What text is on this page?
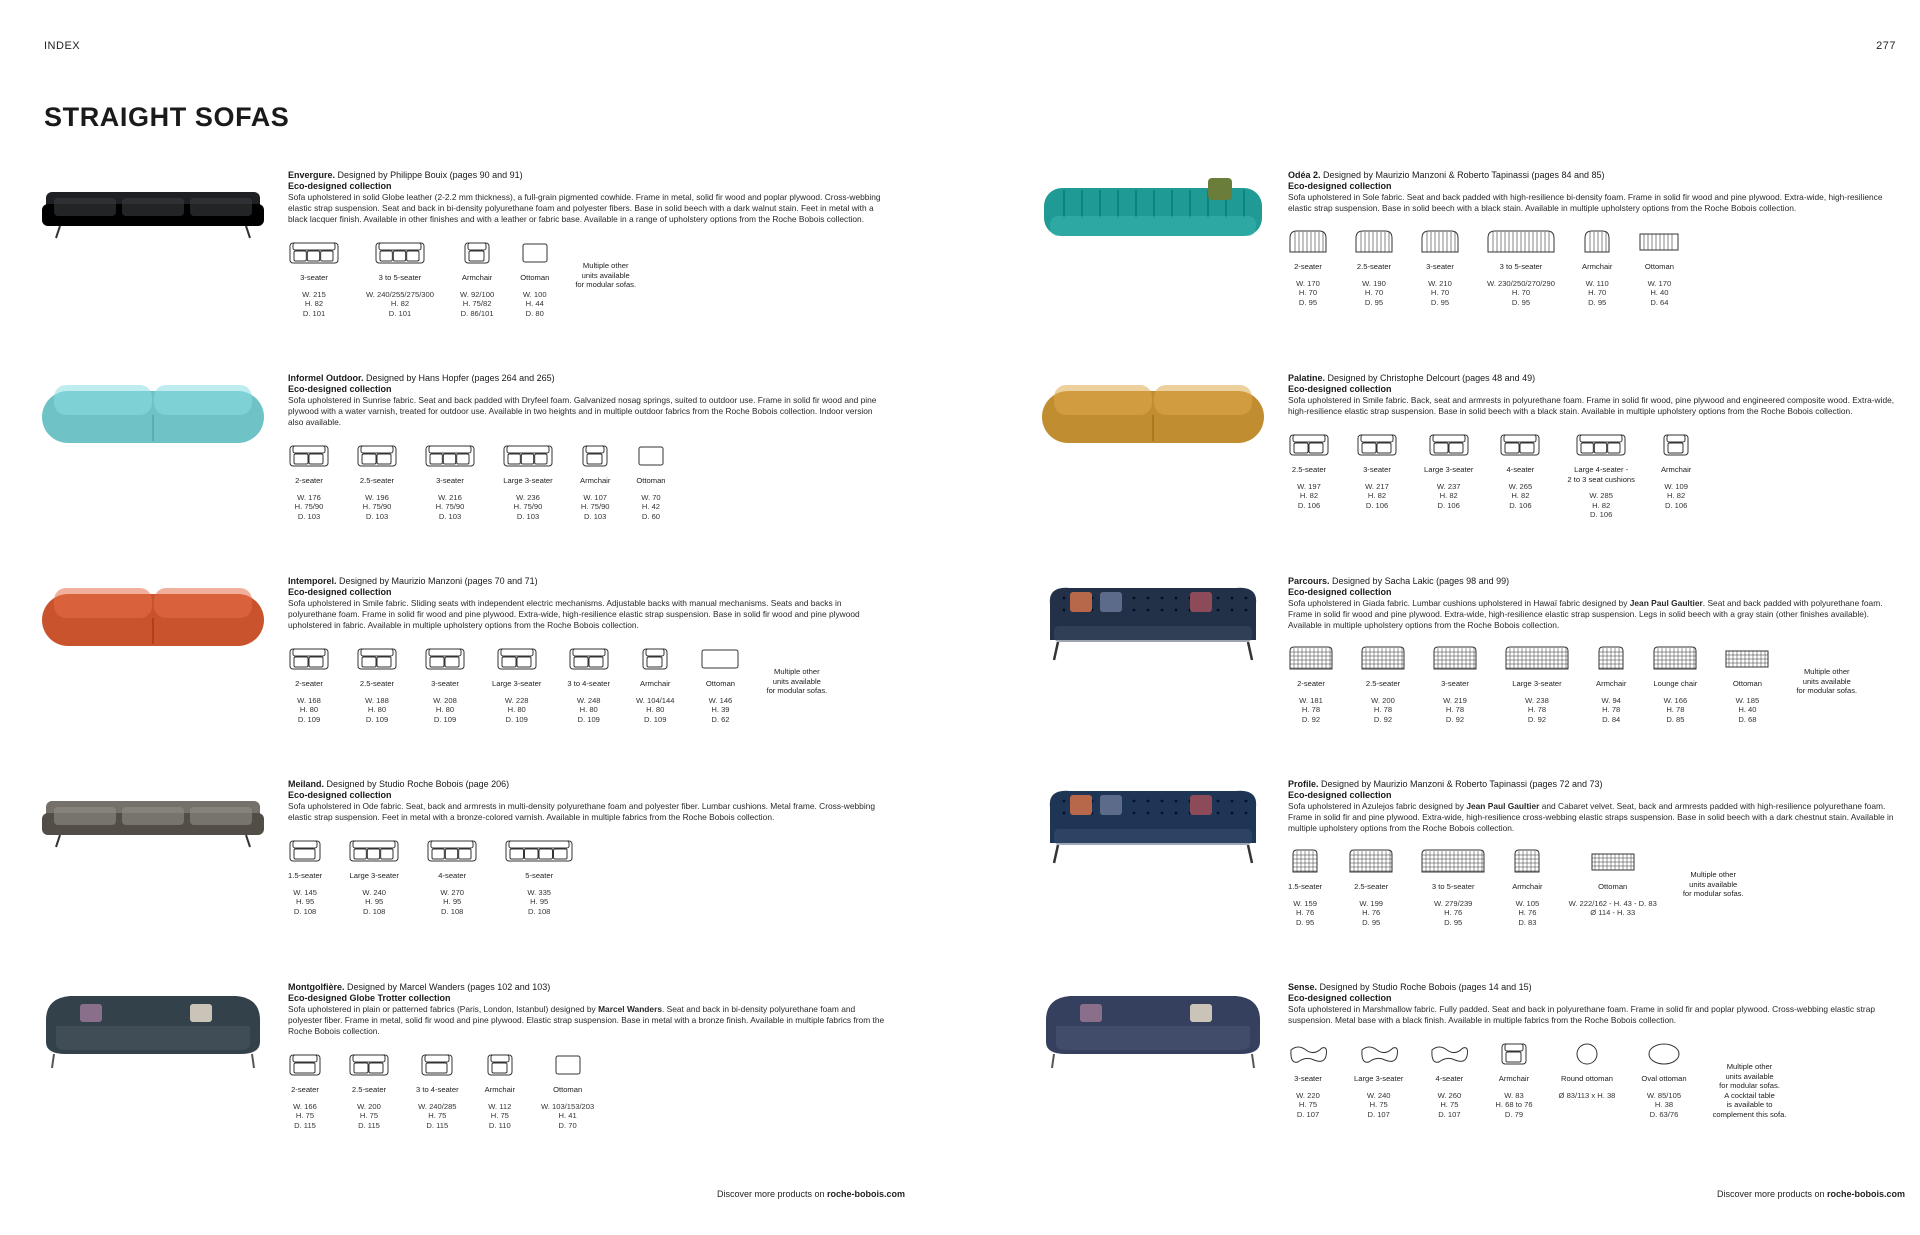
INDEX	277
STRAIGHT SOFAS
Envergure. Designed by Philippe Bouix (pages 90 and 91)
Eco-designed collection
Sofa upholstered in solid Globe leather (2-2.2 mm thickness), a full-grain pigmented cowhide. Frame in metal, solid fir wood and poplar plywood. Cross-webbing elastic strap suspension. Seat and back in bi-density polyurethane foam and polyester fibers. Base in solid beech with a dark walnut stain. Feet in metal with a black lacquer finish. Available in other finishes and with a leather or fabric base. Available in a range of upholstery options from the Roche Bobois collection.
3-seater
W. 215
H. 82
D. 101
3 to 5-seater
W. 240/255/275/300
H. 82
D. 101
Armchair
W. 92/100
H. 75/82
D. 86/101
Ottoman
W. 100
H. 44
D. 80
Multiple other
units available
for modular sofas.
Informel Outdoor. Designed by Hans Hopfer (pages 264 and 265)
Eco-designed collection
Sofa upholstered in Sunrise fabric. Seat and back padded with Dryfeel foam. Galvanized nosag springs, suited to outdoor use. Frame in solid fir wood and pine plywood with a water varnish, treated for outdoor use. Available in two heights and in multiple outdoor fabrics from the Roche Bobois collection. Indoor version also available.
2-seater
W. 176
H. 75/90
D. 103
2.5-seater
W. 196
H. 75/90
D. 103
3-seater
W. 216
H. 75/90
D. 103
Large 3-seater
W. 236
H. 75/90
D. 103
Armchair
W. 107
H. 75/90
D. 103
Ottoman
W. 70
H. 42
D. 60
Intemporel. Designed by Maurizio Manzoni (pages 70 and 71)
Eco-designed collection
Sofa upholstered in Smile fabric. Sliding seats with independent electric mechanisms. Adjustable backs with manual mechanisms. Seats and backs in polyurethane foam. Frame in solid fir wood and pine plywood. Extra-wide, high-resilience elastic strap suspension. Base in solid fir wood and pine plywood upholstered in fabric. Available in multiple upholstery options from the Roche Bobois collection.
2-seater
W. 168
H. 80
D. 109
2.5-seater
W. 188
H. 80
D. 109
3-seater
W. 208
H. 80
D. 109
Large 3-seater
W. 228
H. 80
D. 109
3 to 4-seater
W. 248
H. 80
D. 109
Armchair
W. 104/144
H. 80
D. 109
Ottoman
W. 146
H. 39
D. 62
Multiple other
units available
for modular sofas.
Meiland. Designed by Studio Roche Bobois (page 206)
Eco-designed collection
Sofa upholstered in Ode fabric. Seat, back and armrests in multi-density polyurethane foam and polyester fiber. Lumbar cushions. Metal frame. Cross-webbing elastic strap suspension. Feet in metal with a bronze-colored varnish. Available in multiple fabrics from the Roche Bobois collection.
1.5-seater
W. 145
H. 95
D. 108
Large 3-seater
W. 240
H. 95
D. 108
4-seater
W. 270
H. 95
D. 108
5-seater
W. 335
H. 95
D. 108
Montgolfière. Designed by Marcel Wanders (pages 102 and 103)
Eco-designed Globe Trotter collection
Sofa upholstered in plain or patterned fabrics (Paris, London, Istanbul) designed by Marcel Wanders. Seat and back in bi-density polyurethane foam and polyester fiber. Frame in metal, solid fir wood and pine plywood. Elastic strap suspension. Base in metal with a bronze finish. Available in multiple fabrics from the Roche Bobois collection.
2-seater
W. 166
H. 75
D. 115
2.5-seater
W. 200
H. 75
D. 115
3 to 4-seater
W. 240/285
H. 75
D. 115
Armchair
W. 112
H. 75
D. 110
Ottoman
W. 103/153/203
H. 41
D. 70
Odéa 2. Designed by Maurizio Manzoni & Roberto Tapinassi (pages 84 and 85)
Eco-designed collection
Sofa upholstered in Sole fabric. Seat and back padded with high-resilience bi-density foam. Frame in solid fir wood and pine plywood. Extra-wide, high-resilience elastic strap suspension. Base in solid beech with a black stain. Available in multiple upholstery options from the Roche Bobois collection.
2-seater
W. 170
H. 70
D. 95
2.5-seater
W. 190
H. 70
D. 95
3-seater
W. 210
H. 70
D. 95
3 to 5-seater
W. 230/250/270/290
H. 70
D. 95
Armchair
W. 110
H. 70
D. 95
Ottoman
W. 170
H. 40
D. 64
Palatine. Designed by Christophe Delcourt (pages 48 and 49)
Eco-designed collection
Sofa upholstered in Smile fabric. Back, seat and armrests in polyurethane foam. Frame in solid fir wood, pine plywood and engineered composite wood. Extra-wide, high-resilience elastic strap suspension. Base in solid beech with a black stain. Available in multiple upholstery options from the Roche Bobois collection.
2.5-seater
W. 197
H. 82
D. 106
3-seater
W. 217
H. 82
D. 106
Large 3-seater
W. 237
H. 82
D. 106
4-seater
W. 265
H. 82
D. 106
Large 4-seater -
2 to 3 seat cushions
W. 285
H. 82
D. 106
Armchair
W. 109
H. 82
D. 106
Parcours. Designed by Sacha Lakic (pages 98 and 99)
Eco-designed collection
Sofa upholstered in Giada fabric. Lumbar cushions upholstered in Hawaï fabric designed by Jean Paul Gaultier. Seat and back padded with polyurethane foam. Frame in solid fir wood and pine plywood. Extra-wide, high-resilience elastic strap suspension. Legs in solid beech with a gray stain (other finishes available). Available in multiple upholstery options from the Roche Bobois collection.
2-seater
W. 181
H. 78
D. 92
2.5-seater
W. 200
H. 78
D. 92
3-seater
W. 219
H. 78
D. 92
Large 3-seater
W. 238
H. 78
D. 92
Armchair
W. 94
H. 78
D. 84
Lounge chair
W. 166
H. 78
D. 85
Ottoman
W. 185
H. 40
D. 68
Multiple other
units available
for modular sofas.
Profile. Designed by Maurizio Manzoni & Roberto Tapinassi (pages 72 and 73)
Eco-designed collection
Sofa upholstered in Azulejos fabric designed by Jean Paul Gaultier and Cabaret velvet. Seat, back and armrests padded with high-resilience polyurethane foam. Frame in solid fir and pine plywood. Extra-wide, high-resilience cross-webbing elastic straps suspension. Base in solid beech with a dark chestnut stain. Available in multiple upholstery options from the Roche Bobois collection.
1.5-seater
W. 159
H. 76
D. 95
2.5-seater
W. 199
H. 76
D. 95
3 to 5-seater
W. 279/239
H. 76
D. 95
Armchair
W. 105
H. 76
D. 83
Ottoman
W. 222/162 - H. 43 - D. 83
Ø 114 - H. 33
Multiple other
units available
for modular sofas.
Sense. Designed by Studio Roche Bobois (pages 14 and 15)
Eco-designed collection
Sofa upholstered in Marshmallow fabric. Fully padded. Seat and back in polyurethane foam. Frame in solid fir and poplar plywood. Cross-webbing elastic strap suspension. Metal base with a black finish. Available in multiple fabrics from the Roche Bobois collection.
3-seater
W. 220
H. 75
D. 107
Large 3-seater
W. 240
H. 75
D. 107
4-seater
W. 260
H. 75
D. 107
Armchair
W. 83
H. 68 to 76
D. 79
Round ottoman
Ø 83/113 x H. 38
Oval ottoman
W. 85/105
H. 38
D. 63/76
Multiple other
units available
for modular sofas.
A cocktail table
is available to
complement this sofa.
Discover more products on roche-bobois.com	Discover more products on roche-bobois.com
